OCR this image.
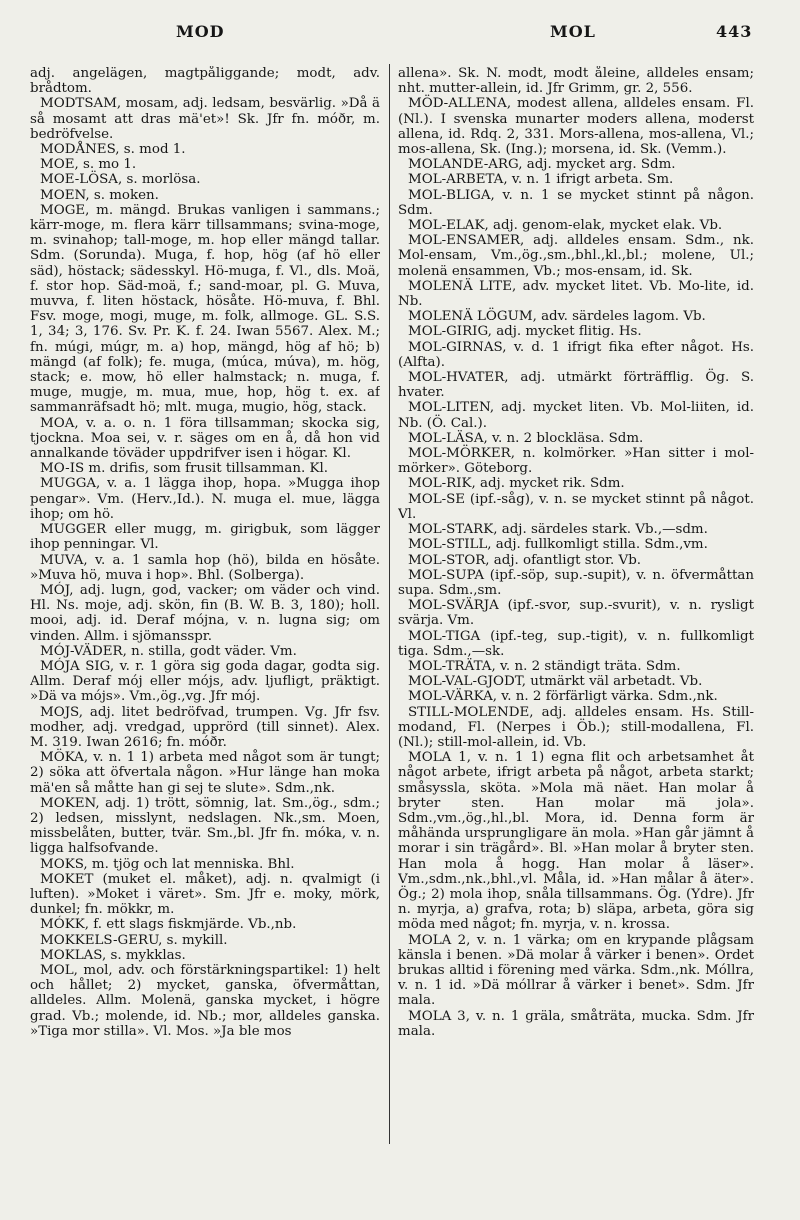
MOD	MOL	443

adj. angelägen, magtpåliggande; modt, adv. brådtom.

MODTSAM, mosam, adj. ledsam, besvärlig. »Då ä så mosamt att dras mä'et»! Sk. Jfr fn. móðr, m. bedröfvelse.

MODÅNES, s. mod 1.

MOE, s. mo 1.

MOE-LÖSA, s. morlösa.

MOEN, s. moken.

MOGE, m. mängd. Brukas vanligen i sammans.; kärr-moge, m. flera kärr tillsammans; svina-moge, m. svinahop; tall-moge, m. hop eller mängd tallar. Sdm. (Sorunda). Muga, f. hop, hög (af hö eller säd), höstack; sädesskyl. Hö-muga, f. Vl., dls. Moä, f. stor hop. Säd-moä, f.; sand-moar, pl. G. Muva, muvva, f. liten höstack, hösåte. Hö-muva, f. Bhl. Fsv. moge, mogi, muge, m. folk, allmoge. GL. S.S. 1, 34; 3, 176. Sv. Pr. K. f. 24. Iwan 5567. Alex. M.; fn. múgi, múgr, m. a) hop, mängd, hög af hö; b) mängd (af folk); fe. muga, (múca, múva), m. hög, stack; e. mow, hö eller halmstack; n. muga, f. muge, mugje, m. mua, mue, hop, hög t. ex. af sammanräfsadt hö; mlt. muga, mugio, hög, stack.

MOA, v. a. o. n. 1 föra tillsamman; skocka sig, tjockna. Moa sei, v. r. säges om en å, då hon vid annalkande töväder uppdrifver isen i högar. Kl.

MO-IS m. drifis, som frusit tillsamman. Kl.

MUGGA, v. a. 1 lägga ihop, hopa. »Mugga ihop pengar». Vm. (Herv.,Id.). N. muga el. mue, lägga ihop; om hö.

MUGGER eller mugg, m. girigbuk, som lägger ihop penningar. Vl.

MUVA, v. a. 1 samla hop (hö), bilda en hösåte. »Muva hö, muva i hop». Bhl. (Solberga).

MÓJ, adj. lugn, god, vacker; om väder och vind. Hl. Ns. moje, adj. skön, fin (B. W. B. 3, 180); holl. mooi, adj. id. Deraf mójna, v. n. lugna sig; om vinden. Allm. i sjömansspr.

MÓJ-VÄDER, n. stilla, godt väder. Vm.

MÓJA SIG, v. r. 1 göra sig goda dagar, godta sig. Allm. Deraf mój eller mójs, adv. ljufligt, präktigt. »Dä va mójs». Vm.,ög.,vg. Jfr mój.

MOJS, adj. litet bedröfvad, trumpen. Vg. Jfr fsv. modher, adj. vredgad, upprörd (till sinnet). Alex. M. 319. Iwan 2616; fn. móðr.

MÖKA, v. n. 1 1) arbeta med något som är tungt; 2) söka att öfvertala någon. »Hur länge han moka mä'en så måtte han gi sej te slute». Sdm.,nk.

MOKEN, adj. 1) trött, sömnig, lat. Sm.,ög., sdm.; 2) ledsen, misslynt, nedslagen. Nk.,sm. Moen, missbelåten, butter, tvär. Sm.,bl. Jfr fn. móka, v. n. ligga halfsofvande.

MOKS, m. tjög och lat menniska. Bhl.

MOKET (muket el. måket), adj. n. qvalmigt (i luften). »Moket i väret». Sm. Jfr e. moky, mörk, dunkel; fn. mökkr, m.

MÓKK, f. ett slags fiskmjärde. Vb.,nb.

MOKKELS-GERU, s. mykill.

MOKLAS, s. mykklas.

MOL, mol, adv. och förstärkningspartikel: 1) helt och hållet; 2) mycket, ganska, öfvermåttan, alldeles. Allm. Molenä, ganska mycket, i högre grad. Vb.; molende, id. Nb.; mor, alldeles ganska. »Tiga mor stilla». Vl. Mos. »Ja ble mos

allena». Sk. N. modt, modt åleine, alldeles ensam; nht. mutter-allein, id. Jfr Grimm, gr. 2, 556.

MÖD-ALLENA, modest allena, alldeles ensam. Fl. (Nl.). I svenska munarter moders allena, moderst allena, id. Rdq. 2, 331. Mors-allena, mos-allena, Vl.; mos-allena, Sk. (Ing.); morsena, id. Sk. (Vemm.).

MOLANDE-ARG, adj. mycket arg. Sdm.

MOL-ARBETA, v. n. 1 ifrigt arbeta. Sm.

MOL-BLIGA, v. n. 1 se mycket stinnt på någon. Sdm.

MOL-ELAK, adj. genom-elak, mycket elak. Vb.

MOL-ENSAMER, adj. alldeles ensam. Sdm., nk. Mol-ensam, Vm.,ög.,sm.,bhl.,kl.,bl.; molene, Ul.; molenä ensammen, Vb.; mos-ensam, id. Sk.

MOLENÄ LITE, adv. mycket litet. Vb. Mo-lite, id. Nb.

MOLENÄ LÖGUM, adv. särdeles lagom. Vb.

MOL-GIRIG, adj. mycket flitig. Hs.

MOL-GIRNAS, v. d. 1 ifrigt fika efter något. Hs. (Alfta).

MOL-HVATER, adj. utmärkt förträfflig. Ög. S. hvater.

MOL-LITEN, adj. mycket liten. Vb. Mol-liiten, id. Nb. (Ö. Cal.).

MOL-LÄSA, v. n. 2 blockläsa. Sdm.

MOL-MÖRKER, n. kolmörker. »Han sitter i mol-mörker». Göteborg.

MOL-RIK, adj. mycket rik. Sdm.

MOL-SE (ipf.-såg), v. n. se mycket stinnt på något. Vl.

MOL-STARK, adj. särdeles stark. Vb.,—sdm.

MOL-STILL, adj. fullkomligt stilla. Sdm.,vm.

MOL-STOR, adj. ofantligt stor. Vb.

MOL-SUPA (ipf.-söp, sup.-supit), v. n. öfvermåttan supa. Sdm.,sm.

MOL-SVÄRJA (ipf.-svor, sup.-svurit), v. n. rysligt svärja. Vm.

MOL-TIGA (ipf.-teg, sup.-tigit), v. n. fullkomligt tiga. Sdm.,—sk.

MOL-TRÄTA, v. n. 2 ständigt träta. Sdm.

MOL-VAL-GJODT, utmärkt väl arbetadt. Vb.

MOL-VÄRKA, v. n. 2 förfärligt värka. Sdm.,nk.

STILL-MOLENDE, adj. alldeles ensam. Hs. Still-modand, Fl. (Nerpes i Öb.); still-modallena, Fl. (Nl.); still-mol-allein, id. Vb.

MOLA 1, v. n. 1 1) egna flit och arbetsamhet åt något arbete, ifrigt arbeta på något, arbeta starkt; småsyssla, sköta. »Mola mä näet. Han molar å bryter sten. Han molar mä jola». Sdm.,vm.,ög.,hl.,bl. Mora, id. Denna form är måhända ursprungligare än mola. »Han går jämnt å morar i sin trägård». Bl. »Han molar å bryter sten. Han mola å hogg. Han molar å läser». Vm.,sdm.,nk.,bhl.,vl. Måla, id. »Han målar å äter». Ög.; 2) mola ihop, snåla tillsammans. Ög. (Ydre). Jfr n. myrja, a) grafva, rota; b) släpa, arbeta, göra sig möda med något; fn. myrja, v. n. krossa.

MOLA 2, v. n. 1 värka; om en krypande plågsam känsla i benen. »Dä molar å värker i benen». Ordet brukas alltid i förening med värka. Sdm.,nk. Móllra, v. n. 1 id. »Dä móllrar å värker i benet». Sdm. Jfr mala.

MOLA 3, v. n. 1 gräla, småträta, mucka. Sdm. Jfr mala.
